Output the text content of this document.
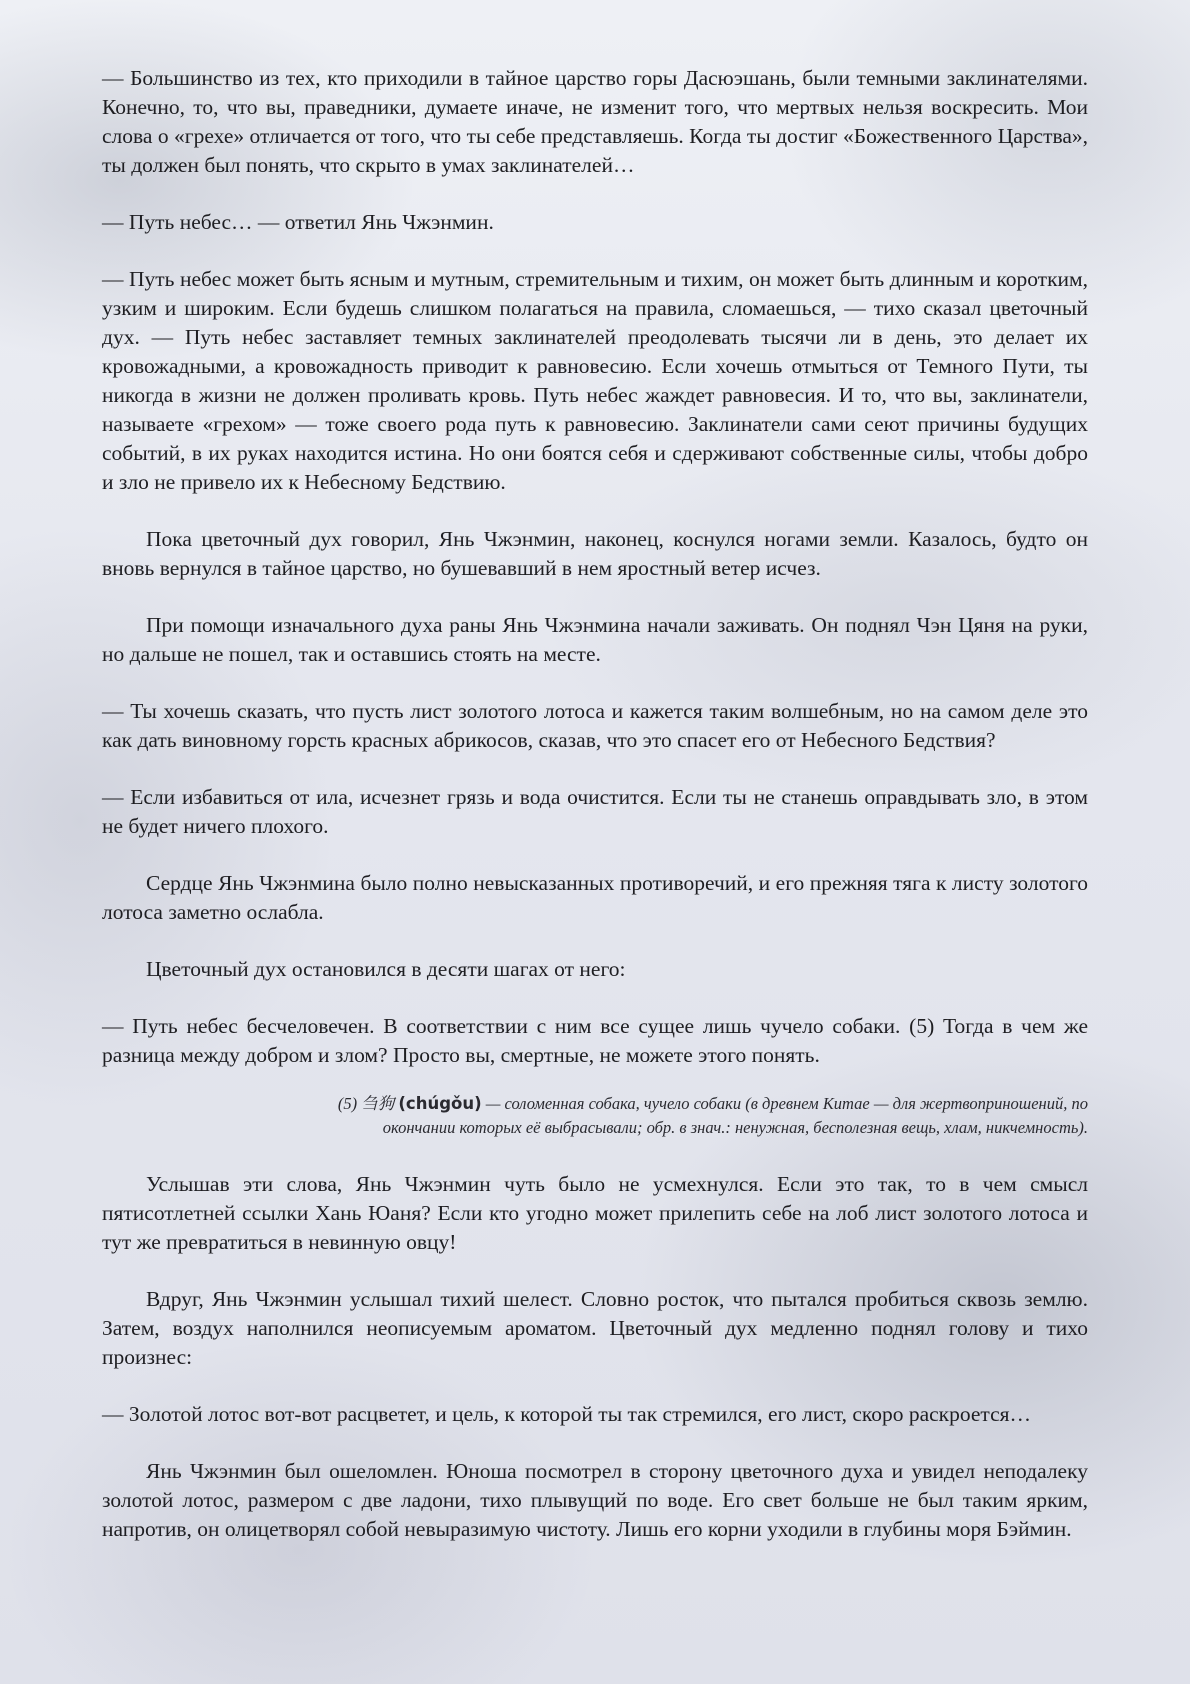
— Большинство из тех, кто приходили в тайное царство горы Дасюэшань, были темными заклинателями. Конечно, то, что вы, праведники, думаете иначе, не изменит того, что мертвых нельзя воскресить. Мои слова о «грехе» отличается от того, что ты себе представляешь. Когда ты достиг «Божественного Царства», ты должен был понять, что скрыто в умах заклинателей…

— Путь небес… — ответил Янь Чжэнмин.

— Путь небес может быть ясным и мутным, стремительным и тихим, он может быть длинным и коротким, узким и широким. Если будешь слишком полагаться на правила, сломаешься, — тихо сказал цветочный дух. — Путь небес заставляет темных заклинателей преодолевать тысячи ли в день, это делает их кровожадными, а кровожадность приводит к равновесию. Если хочешь отмыться от Темного Пути, ты никогда в жизни не должен проливать кровь. Путь небес жаждет равновесия. И то, что вы, заклинатели, называете «грехом» — тоже своего рода путь к равновесию. Заклинатели сами сеют причины будущих событий, в их руках находится истина. Но они боятся себя и сдерживают собственные силы, чтобы добро и зло не привело их к Небесному Бедствию.

Пока цветочный дух говорил, Янь Чжэнмин, наконец, коснулся ногами земли. Казалось, будто он вновь вернулся в тайное царство, но бушевавший в нем яростный ветер исчез.

При помощи изначального духа раны Янь Чжэнмина начали заживать. Он поднял Чэн Цяня на руки, но дальше не пошел, так и оставшись стоять на месте.

— Ты хочешь сказать, что пусть лист золотого лотоса и кажется таким волшебным, но на самом деле это как дать виновному горсть красных абрикосов, сказав, что это спасет его от Небесного Бедствия?

— Если избавиться от ила, исчезнет грязь и вода очистится. Если ты не станешь оправдывать зло, в этом не будет ничего плохого.

Сердце Янь Чжэнмина было полно невысказанных противоречий, и его прежняя тяга к листу золотого лотоса заметно ослабла.

Цветочный дух остановился в десяти шагах от него:

— Путь небес бесчеловечен. В соответствии с ним все сущее лишь чучело собаки. (5) Тогда в чем же разница между добром и злом? Просто вы, смертные, не можете этого понять.

(5) 刍狗 (chúgǒu) — соломенная собака, чучело собаки (в древнем Китае — для жертвоприношений, по
окончании которых её выбрасывали; обр. в знач.: ненужная, бесполезная вещь, хлам, никчемность).

Услышав эти слова, Янь Чжэнмин чуть было не усмехнулся. Если это так, то в чем смысл пятисотлетней ссылки Хань Юаня? Если кто угодно может прилепить себе на лоб лист золотого лотоса и тут же превратиться в невинную овцу!

Вдруг, Янь Чжэнмин услышал тихий шелест. Словно росток, что пытался пробиться сквозь землю. Затем, воздух наполнился неописуемым ароматом. Цветочный дух медленно поднял голову и тихо произнес:

— Золотой лотос вот-вот расцветет, и цель, к которой ты так стремился, его лист, скоро раскроется…

Янь Чжэнмин был ошеломлен. Юноша посмотрел в сторону цветочного духа и увидел неподалеку золотой лотос, размером с две ладони, тихо плывущий по воде. Его свет больше не был таким ярким, напротив, он олицетворял собой невыразимую чистоту. Лишь его корни уходили в глубины моря Бэймин.
